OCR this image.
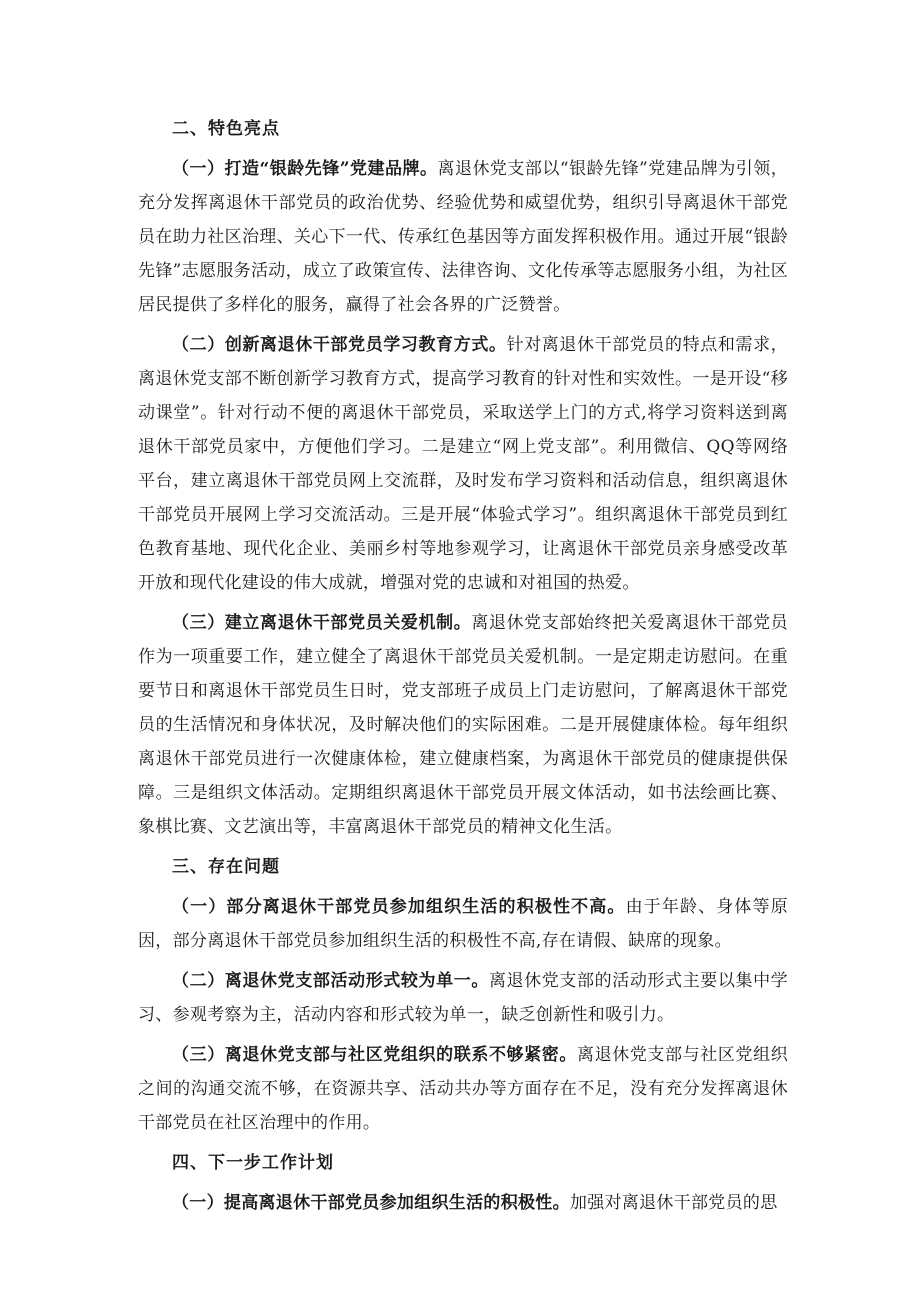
二、特色亮点

（一）打造“银龄先锋”党建品牌。离退休党支部以“银龄先锋”党建品牌为引领，充分发挥离退休干部党员的政治优势、经验优势和威望优势，组织引导离退休干部党员在助力社区治理、关心下一代、传承红色基因等方面发挥积极作用。通过开展“银龄先锋”志愿服务活动，成立了政策宣传、法律咨询、文化传承等志愿服务小组，为社区居民提供了多样化的服务，赢得了社会各界的广泛赞誉。

（二）创新离退休干部党员学习教育方式。针对离退休干部党员的特点和需求，离退休党支部不断创新学习教育方式，提高学习教育的针对性和实效性。一是开设“移动课堂”。针对行动不便的离退休干部党员，采取送学上门的方式,将学习资料送到离退休干部党员家中，方便他们学习。二是建立“网上党支部”。利用微信、QQ等网络平台，建立离退休干部党员网上交流群，及时发布学习资料和活动信息，组织离退休干部党员开展网上学习交流活动。三是开展“体验式学习”。组织离退休干部党员到红色教育基地、现代化企业、美丽乡村等地参观学习，让离退休干部党员亲身感受改革开放和现代化建设的伟大成就，增强对党的忠诚和对祖国的热爱。

（三）建立离退休干部党员关爱机制。离退休党支部始终把关爱离退休干部党员作为一项重要工作，建立健全了离退休干部党员关爱机制。一是定期走访慰问。在重要节日和离退休干部党员生日时，党支部班子成员上门走访慰问，了解离退休干部党员的生活情况和身体状况，及时解决他们的实际困难。二是开展健康体检。每年组织离退休干部党员进行一次健康体检，建立健康档案，为离退休干部党员的健康提供保障。三是组织文体活动。定期组织离退休干部党员开展文体活动，如书法绘画比赛、象棋比赛、文艺演出等，丰富离退休干部党员的精神文化生活。

三、存在问题

（一）部分离退休干部党员参加组织生活的积极性不高。由于年龄、身体等原因，部分离退休干部党员参加组织生活的积极性不高,存在请假、缺席的现象。

（二）离退休党支部活动形式较为单一。离退休党支部的活动形式主要以集中学习、参观考察为主，活动内容和形式较为单一，缺乏创新性和吸引力。

（三）离退休党支部与社区党组织的联系不够紧密。离退休党支部与社区党组织之间的沟通交流不够，在资源共享、活动共办等方面存在不足，没有充分发挥离退休干部党员在社区治理中的作用。

四、下一步工作计划

（一）提高离退休干部党员参加组织生活的积极性。加强对离退休干部党员的思
